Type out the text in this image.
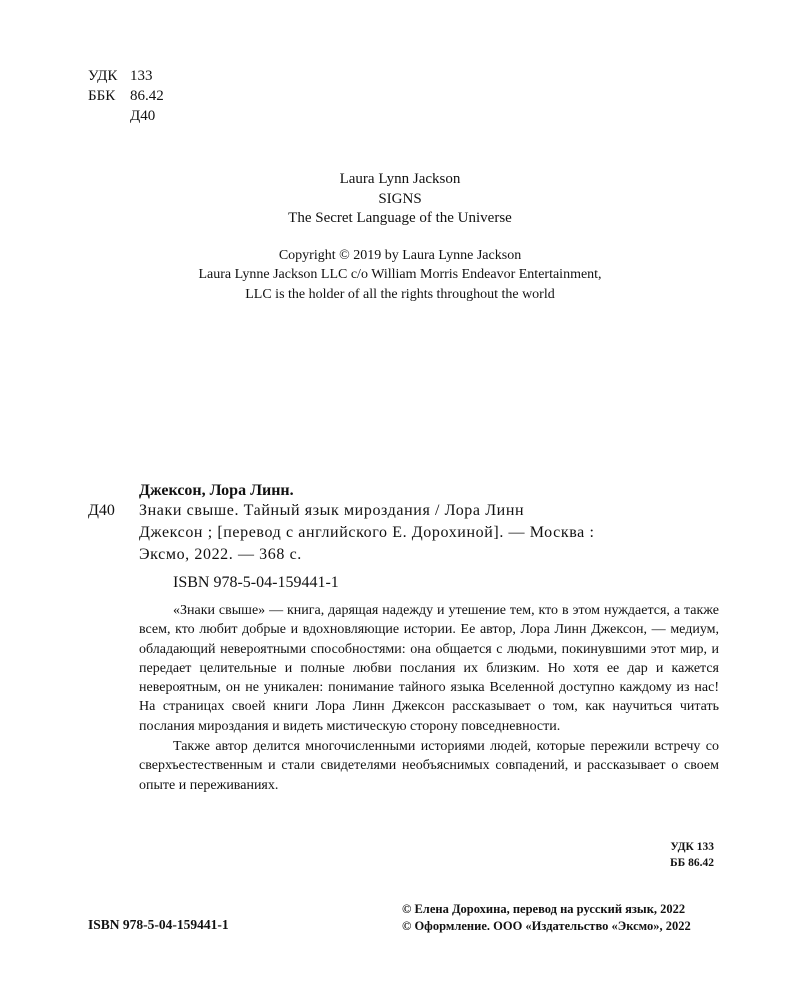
УДК 133
ББК 86.42
Д40
Laura Lynn Jackson
SIGNS
The Secret Language of the Universe
Copyright © 2019 by Laura Lynne Jackson
Laura Lynne Jackson LLC c/o William Morris Endeavor Entertainment,
LLC is the holder of all the rights throughout the world
Джексон, Лора Линн.
Д40 Знаки свыше. Тайный язык мироздания / Лора Линн
Джексон ; [перевод с английского Е. Дорохиной]. — Москва :
Эксмо, 2022. — 368 с.
ISBN 978-5-04-159441-1

«Знаки свыше» — книга, дарящая надежду и утешение тем, кто в этом нуждается, а также всем, кто любит добрые и вдохновляющие истории. Ее автор, Лора Линн Джексон, — медиум, обладающий невероятными способностями: она общается с людьми, покинувшими этот мир, и передает целительные и полные любви послания их близким. Но хотя ее дар и кажется невероятным, он не уникален: понимание тайного языка Вселенной доступно каждому из нас! На страницах своей книги Лора Линн Джексон рассказывает о том, как научиться читать послания мироздания и видеть мистическую сторону повседневности.

Также автор делится многочисленными историями людей, которые пережили встречу со сверхъестественным и стали свидетелями необъяснимых совпадений, и рассказывает о своем опыте и переживаниях.

УДК 133
ББ 86.42
ISBN 978-5-04-159441-1
© Елена Дорохина, перевод на русский язык, 2022
© Оформление. ООО «Издательство «Эксмо», 2022
